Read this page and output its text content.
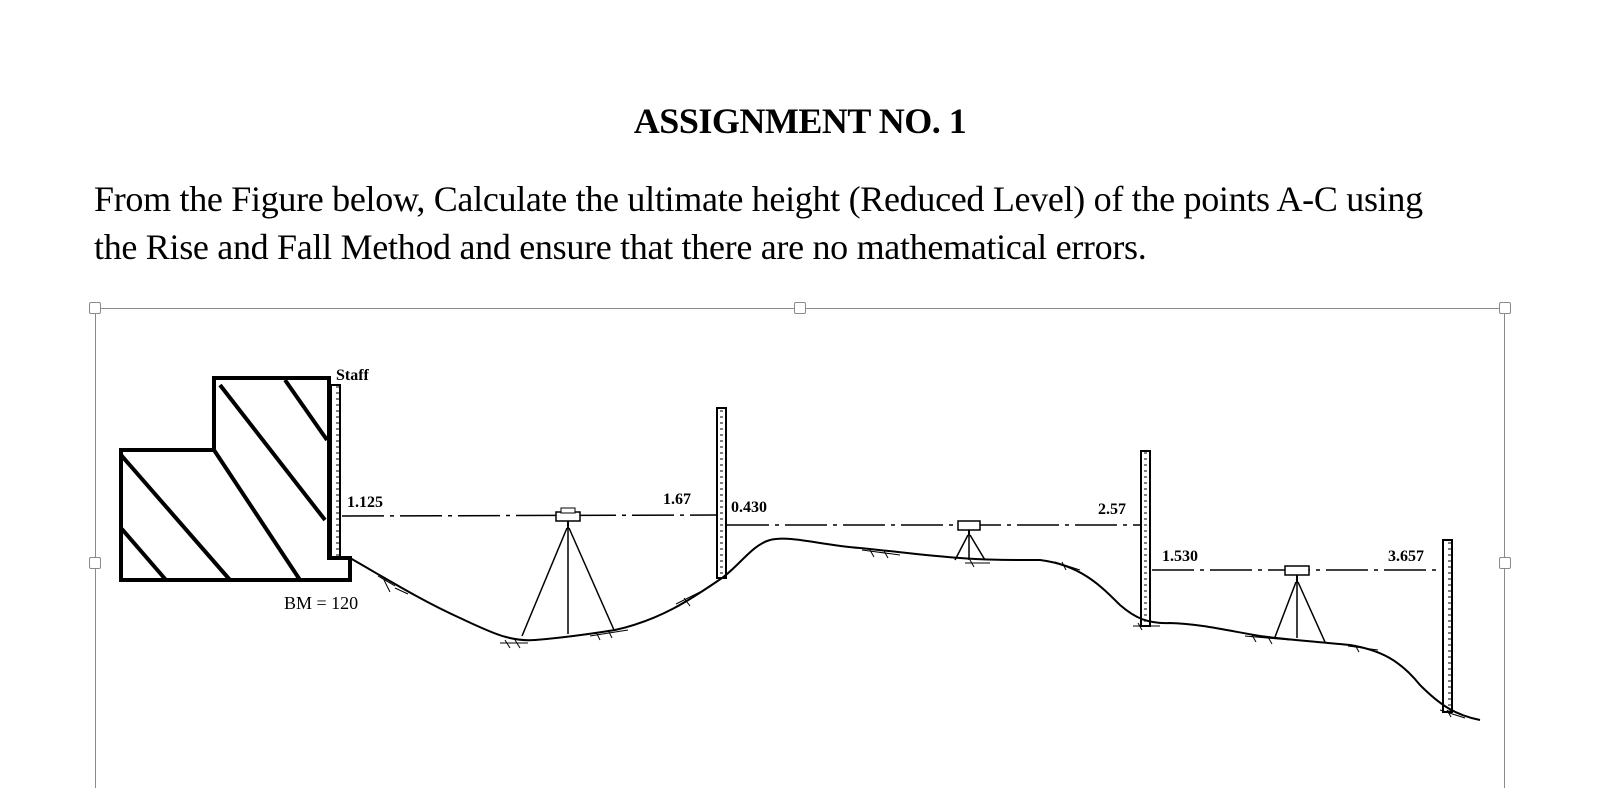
ASSIGNMENT NO. 1

From the Figure below, Calculate the ultimate height (Reduced Level) of the points A-C using
the Rise and Fall Method and ensure that there are no mathematical errors.

Staff
BM = 120
1.125	1.67	0.430	2.57
1.530	3.657
